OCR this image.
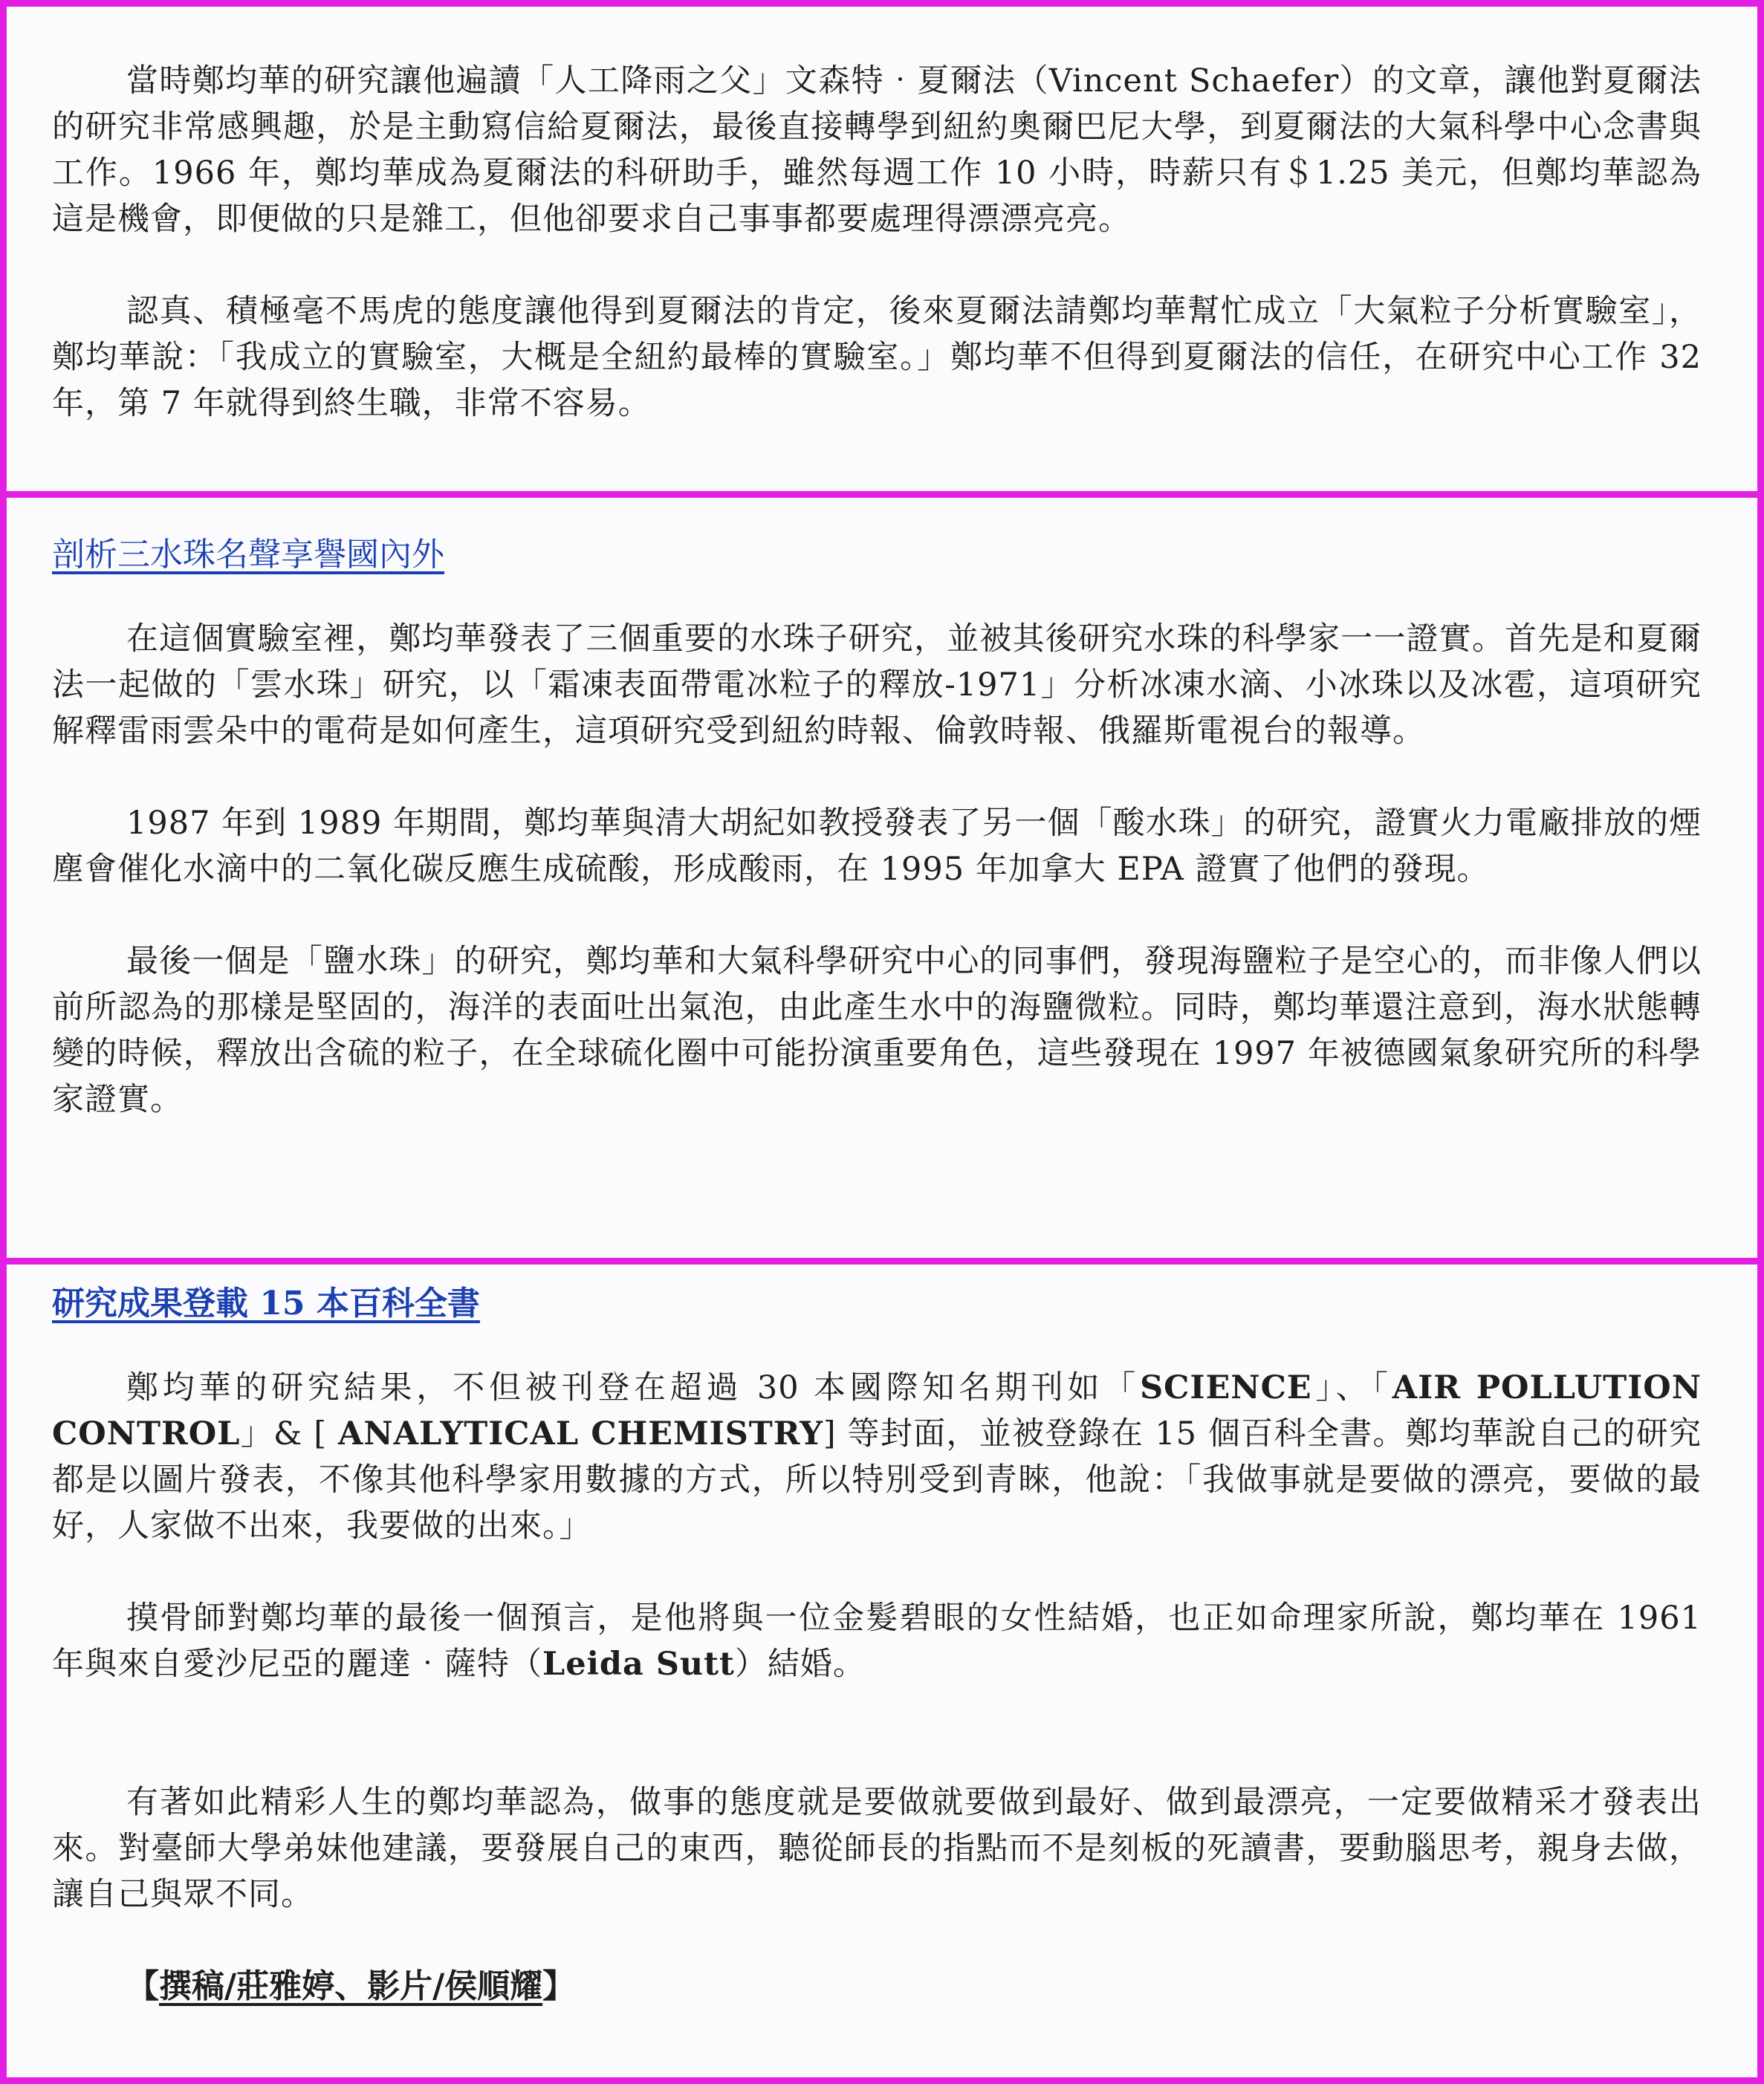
當時鄭均華的研究讓他遍讀「人工降雨之父」文森特‧夏爾法（Vincent Schaefer）的文章，讓他對夏爾法的研究非常感興趣，於是主動寫信給夏爾法，最後直接轉學到紐約奧爾巴尼大學，到夏爾法的大氣科學中心念書與工作。1966 年，鄭均華成為夏爾法的科研助手，雖然每週工作 10 小時，時薪只有＄1.25 美元，但鄭均華認為這是機會，即便做的只是雜工，但他卻要求自己事事都要處理得漂漂亮亮。

認真、積極毫不馬虎的態度讓他得到夏爾法的肯定，後來夏爾法請鄭均華幫忙成立「大氣粒子分析實驗室」，鄭均華說：「我成立的實驗室，大概是全紐約最棒的實驗室。」鄭均華不但得到夏爾法的信任，在研究中心工作 32 年，第 7 年就得到終生職，非常不容易。

剖析三水珠名聲享譽國內外

在這個實驗室裡，鄭均華發表了三個重要的水珠子研究，並被其後研究水珠的科學家一一證實。首先是和夏爾法一起做的「雲水珠」研究，以「霜凍表面帶電冰粒子的釋放-1971」分析冰凍水滴、小冰珠以及冰雹，這項研究解釋雷雨雲朵中的電荷是如何產生，這項研究受到紐約時報、倫敦時報、俄羅斯電視台的報導。

1987 年到 1989 年期間，鄭均華與清大胡紀如教授發表了另一個「酸水珠」的研究，證實火力電廠排放的煙塵會催化水滴中的二氧化碳反應生成硫酸，形成酸雨，在 1995 年加拿大 EPA 證實了他們的發現。

最後一個是「鹽水珠」的研究，鄭均華和大氣科學研究中心的同事們，發現海鹽粒子是空心的，而非像人們以前所認為的那樣是堅固的，海洋的表面吐出氣泡，由此產生水中的海鹽微粒。同時，鄭均華還注意到，海水狀態轉變的時候，釋放出含硫的粒子，在全球硫化圈中可能扮演重要角色，這些發現在 1997 年被德國氣象研究所的科學家證實。

研究成果登載 15 本百科全書

鄭均華的研究結果，不但被刊登在超過 30 本國際知名期刊如「SCIENCE」、「AIR POLLUTION CONTROL」& [ ANALYTICAL CHEMISTRY] 等封面，並被登錄在 15 個百科全書。鄭均華說自己的研究都是以圖片發表，不像其他科學家用數據的方式，所以特別受到青睞，他說：「我做事就是要做的漂亮，要做的最好，人家做不出來，我要做的出來。」

摸骨師對鄭均華的最後一個預言，是他將與一位金髮碧眼的女性結婚，也正如命理家所說，鄭均華在 1961 年與來自愛沙尼亞的麗達‧薩特（Leida Sutt）結婚。

有著如此精彩人生的鄭均華認為，做事的態度就是要做就要做到最好、做到最漂亮，一定要做精采才發表出來。對臺師大學弟妹他建議，要發展自己的東西，聽從師長的指點而不是刻板的死讀書，要動腦思考，親身去做，讓自己與眾不同。

【撰稿/莊雅婷、影片/侯順耀】
